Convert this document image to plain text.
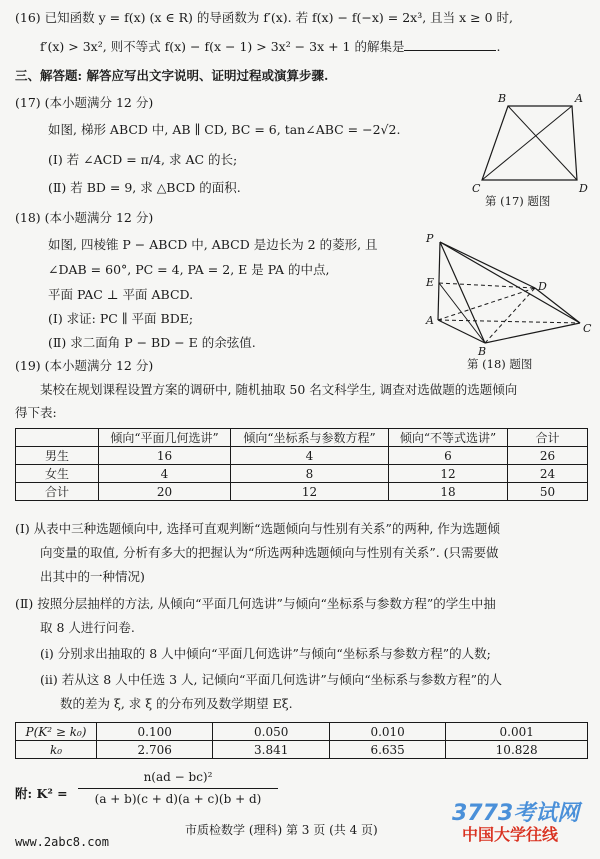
(16) 已知函数 y = f(x) (x ∈ R) 的导函数为 f′(x). 若 f(x) − f(−x) = 2x³, 且当 x ≥ 0 时,
f′(x) > 3x², 则不等式 f(x) − f(x − 1) > 3x² − 3x + 1 的解集是	.
三、解答题: 解答应写出文字说明、证明过程或演算步骤.
(17) (本小题满分 12 分)
如图, 梯形 ABCD 中, AB ∥ CD, BC = 6, tan∠ABC = −2√2.
(Ⅰ) 若 ∠ACD = π/4, 求 AC 的长;
(Ⅱ) 若 BD = 9, 求 △BCD 的面积.
B	A
C	D
第 (17) 题图
(18) (本小题满分 12 分)
如图, 四棱锥 P − ABCD 中, ABCD 是边长为 2 的菱形, 且
∠DAB = 60°, PC = 4, PA = 2, E 是 PA 的中点,
平面 PAC ⊥ 平面 ABCD.
(Ⅰ) 求证: PC ∥ 平面 BDE;
(Ⅱ) 求二面角 P − BD − E 的余弦值.
P
E
A
B
C
D
第 (18) 题图
(19) (本小题满分 12 分)
某校在规划课程设置方案的调研中, 随机抽取 50 名文科学生, 调查对选做题的选题倾向
得下表:
	倾向“平面几何选讲”	倾向“坐标系与参数方程”	倾向“不等式选讲”	合计
男生	16	4	6	26
女生	4	8	12	24
合计	20	12	18	50
(Ⅰ) 从表中三种选题倾向中, 选择可直观判断“选题倾向与性别有关系”的两种, 作为选题倾
向变量的取值, 分析有多大的把握认为“所选两种选题倾向与性别有关系”. (只需要做
出其中的一种情况)
(Ⅱ) 按照分层抽样的方法, 从倾向“平面几何选讲”与倾向“坐标系与参数方程”的学生中抽
取 8 人进行问卷.
(ⅰ) 分别求出抽取的 8 人中倾向“平面几何选讲”与倾向“坐标系与参数方程”的人数;
(ⅱ) 若从这 8 人中任选 3 人, 记倾向“平面几何选讲”与倾向“坐标系与参数方程”的人
数的差为 ξ, 求 ξ 的分布列及数学期望 Eξ.
P(K² ≥ k₀)	0.100	0.050	0.010	0.001
k₀	2.706	3.841	6.635	10.828
附: K² =
n(ad − bc)²
(a + b)(c + d)(a + c)(b + d)
3773考试网
中国大学往线
www.2abc8.com
市质检数学 (理科) 第 3 页 (共 4 页)
